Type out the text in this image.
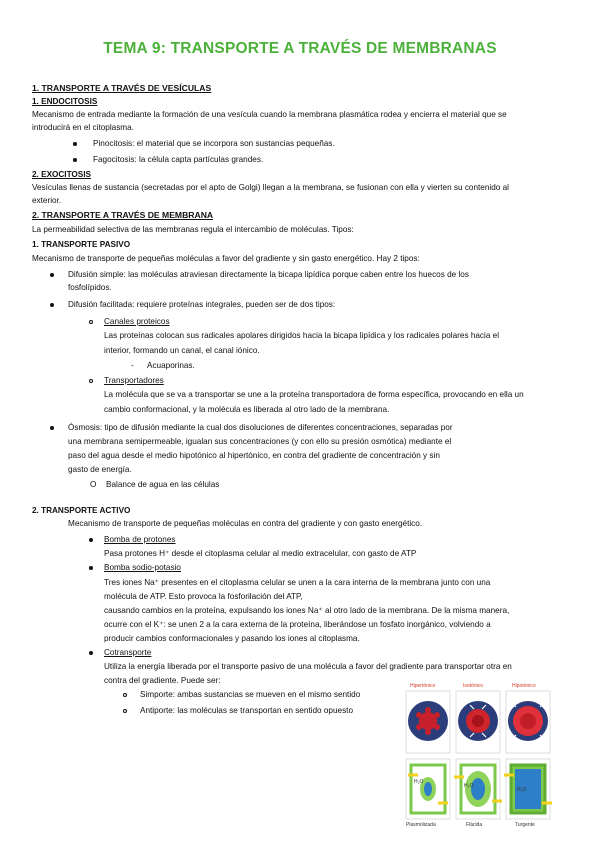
TEMA 9: TRANSPORTE A TRAVÉS DE MEMBRANAS
1. TRANSPORTE A TRAVÉS DE VESÍCULAS
1. ENDOCITOSIS
Mecanismo de entrada mediante la formación de una vesícula cuando la membrana plasmática rodea y encierra el material que se
introducirá en el citoplasma.
Pinocitosis: el material que se incorpora son sustancias pequeñas.
Fagocitosis: la célula capta partículas grandes.
2. EXOCITOSIS
Vesículas llenas de sustancia (secretadas por el apto de Golgi) llegan a la membrana, se fusionan con ella y vierten su contenido al
exterior.
2. TRANSPORTE A TRAVÉS DE MEMBRANA
La permeabilidad selectiva de las membranas regula el intercambio de moléculas. Tipos:
1. TRANSPORTE PASIVO
Mecanismo de transporte de pequeñas moléculas a favor del gradiente y sin gasto energético. Hay 2 tipos:
Difusión simple: las moléculas atraviesan directamente la bicapa lipídica porque caben entre los huecos de los
fosfolípidos.
Difusión facilitada: requiere proteínas integrales, pueden ser de dos tipos:
Canales proteicos
Las proteínas colocan sus radicales apolares dirigidos hacia la bicapa lipídica y los radicales polares hacia el
interior, formando un canal, el canal iónico.
- Acuaporinas.
Transportadores
La molécula que se va a transportar se une a la proteína transportadora de forma específica, provocando en ella un
cambio conformacional, y la molécula es liberada al otro lado de la membrana.
Ósmosis: tipo de difusión mediante la cual dos disoluciones de diferentes concentraciones, separadas por
una membrana semipermeable, igualan sus concentraciones (y con ello su presión osmótica) mediante el
paso del agua desde el medio hipotónico al hipertónico, en contra del gradiente de concentración y sin
gasto de energía.
O Balance de agua en las células
2. TRANSPORTE ACTIVO
Mecanismo de transporte de pequeñas moléculas en contra del gradiente y con gasto energético.
Bomba de protones
Pasa protones H⁺ desde el citoplasma celular al medio extracelular, con gasto de ATP
Bomba sodio-potasio
Tres iones Na⁺ presentes en el citoplasma celular se unen a la cara interna de la membrana junto con una
molécula de ATP. Esto provoca la fosforilación del ATP,
causando cambios en la proteína, expulsando los iones Na⁺ al otro lado de la membrana. De la misma manera,
ocurre con el K⁺: se unen 2 a la cara externa de la proteína, liberándose un fosfato inorgánico, volviendo a
producir cambios conformacionales y pasando los iones al citoplasma.
Cotransporte
Utiliza la energía liberada por el transporte pasivo de una molécula a favor del gradiente para transportar otra en
contra del gradiente. Puede ser:
Simporte: ambas sustancias se mueven en el mismo sentido
Antiporte: las moléculas se transportan en sentido opuesto
Hipertónico	Isotónico	Hipotónico
H₂O
H₂O
H₂O
Plasmolizada	Flácida	Turgente
